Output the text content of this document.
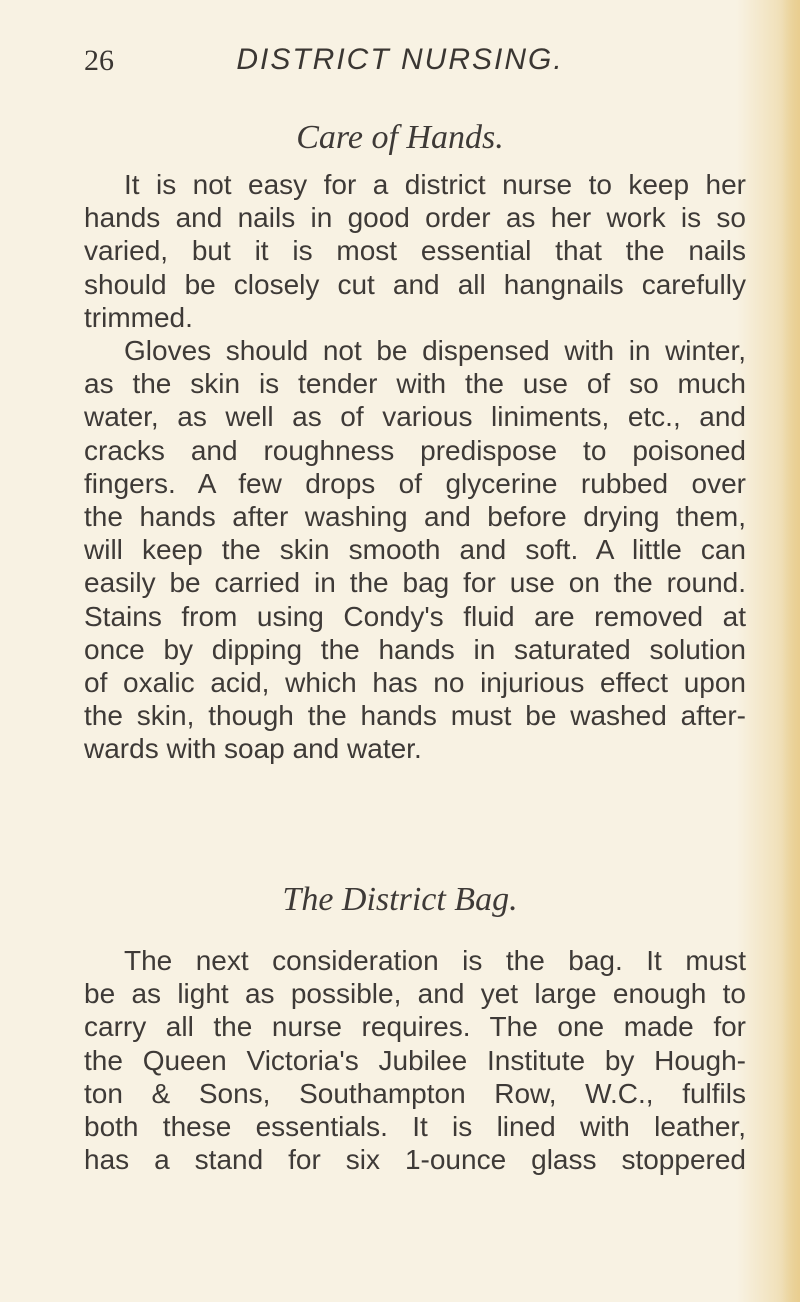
26	DISTRICT NURSING.
Care of Hands.
It is not easy for a district nurse to keep her
hands and nails in good order as her work is so
varied, but it is most essential that the nails
should be closely cut and all hangnails carefully
trimmed.
Gloves should not be dispensed with in winter,
as the skin is tender with the use of so much
water, as well as of various liniments, etc., and
cracks and roughness predispose to poisoned
fingers. A few drops of glycerine rubbed over
the hands after washing and before drying them,
will keep the skin smooth and soft. A little can
easily be carried in the bag for use on the round.
Stains from using Condy's fluid are removed at
once by dipping the hands in saturated solution
of oxalic acid, which has no injurious effect upon
the skin, though the hands must be washed after-
wards with soap and water.
The District Bag.
The next consideration is the bag. It must
be as light as possible, and yet large enough to
carry all the nurse requires. The one made for
the Queen Victoria's Jubilee Institute by Hough-
ton & Sons, Southampton Row, W.C., fulfils
both these essentials. It is lined with leather,
has a stand for six 1-ounce glass stoppered
